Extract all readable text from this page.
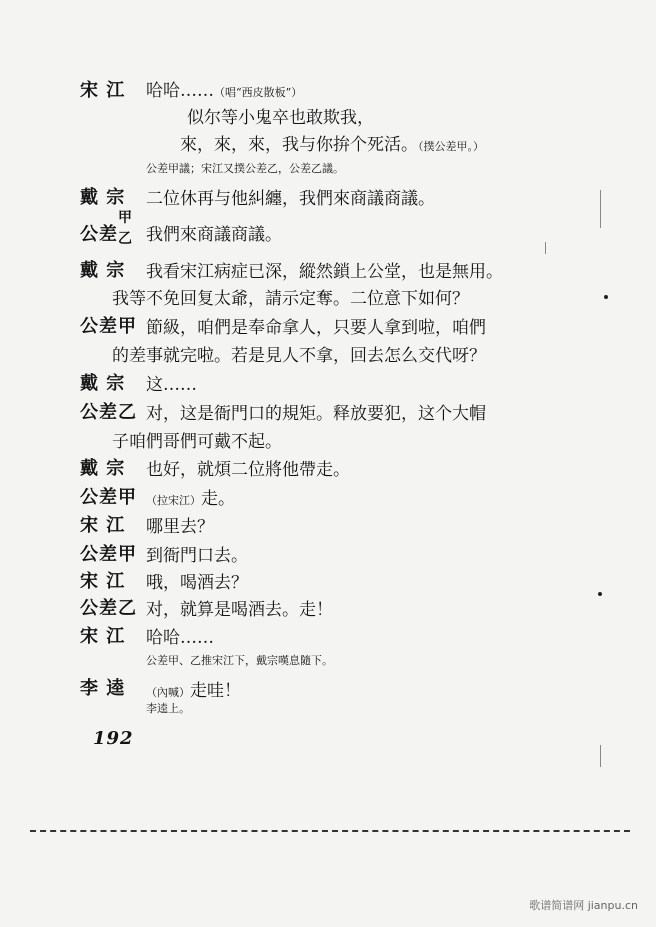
宋 江 哈哈……（唱“西皮散板”）
似尔等小鬼卒也敢欺我，
來，來，來，我与你拚个死活。（撲公差甲。）
公差甲議；宋江又撲公差乙，公差乙議。
戴 宗 二位休再与他糾纏，我們來商議商議。
公差
甲
乙 我們來商議商議。
戴 宗 我看宋江病症已深，縱然鎖上公堂，也是無用。
我等不免回复太爺，請示定奪。二位意下如何？
公差甲 節級，咱們是奉命拿人，只要人拿到啦，咱們
的差事就完啦。若是見人不拿，回去怎么交代呀？
戴 宗 这……
公差乙 对，这是衙門口的規矩。释放要犯，这个大帽
子咱們哥們可戴不起。
戴 宗 也好，就煩二位將他帶走。
公差甲 （拉宋江）走。
宋 江 哪里去？
公差甲 到衙門口去。
宋 江 哦，喝酒去？
公差乙 对，就算是喝酒去。走！
宋 江 哈哈……
公差甲、乙推宋江下，戴宗嘆息隨下。
李 逵 （內喊）走哇！
李逵上。
192
歌谱简谱网 jianpu.cn
